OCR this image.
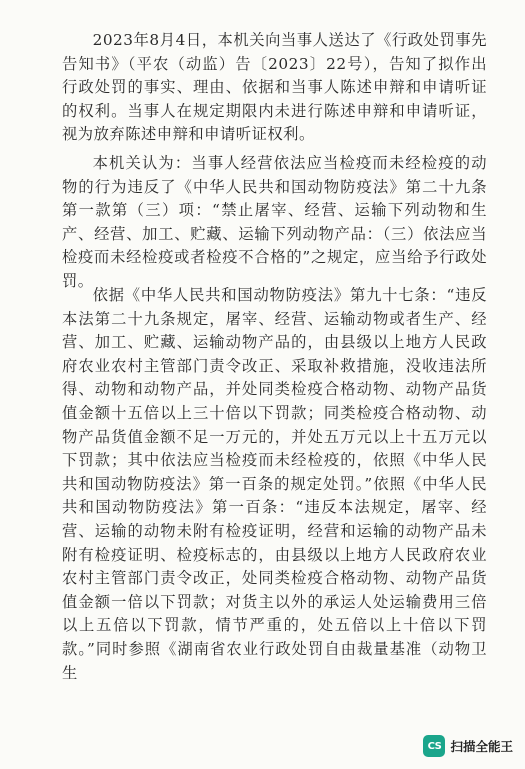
2023年8月4日，本机关向当事人送达了《行政处罚事先告知书》（平农（动监）告〔2023〕22号），告知了拟作出行政处罚的事实、理由、依据和当事人陈述申辩和申请听证的权利。当事人在规定期限内未进行陈述申辩和申请听证，视为放弃陈述申辩和申请听证权利。

本机关认为：当事人经营依法应当检疫而未经检疫的动物的行为违反了《中华人民共和国动物防疫法》第二十九条第一款第（三）项：“禁止屠宰、经营、运输下列动物和生产、经营、加工、贮藏、运输下列动物产品：（三）依法应当检疫而未经检疫或者检疫不合格的”之规定，应当给予行政处罚。

依据《中华人民共和国动物防疫法》第九十七条：“违反本法第二十九条规定，屠宰、经营、运输动物或者生产、经营、加工、贮藏、运输动物产品的，由县级以上地方人民政府农业农村主管部门责令改正、采取补救措施，没收违法所得、动物和动物产品，并处同类检疫合格动物、动物产品货值金额十五倍以上三十倍以下罚款；同类检疫合格动物、动物产品货值金额不足一万元的，并处五万元以上十五万元以下罚款；其中依法应当检疫而未经检疫的，依照《中华人民共和国动物防疫法》第一百条的规定处罚。”依照《中华人民共和国动物防疫法》第一百条：“违反本法规定，屠宰、经营、运输的动物未附有检疫证明，经营和运输的动物产品未附有检疫证明、检疫标志的，由县级以上地方人民政府农业农村主管部门责令改正，处同类检疫合格动物、动物产品货值金额一倍以下罚款；对货主以外的承运人处运输费用三倍以上五倍以下罚款，情节严重的，处五倍以上十倍以下罚款。”同时参照《湖南省农业行政处罚自由裁量基准（动物卫生

CS 扫描全能王
